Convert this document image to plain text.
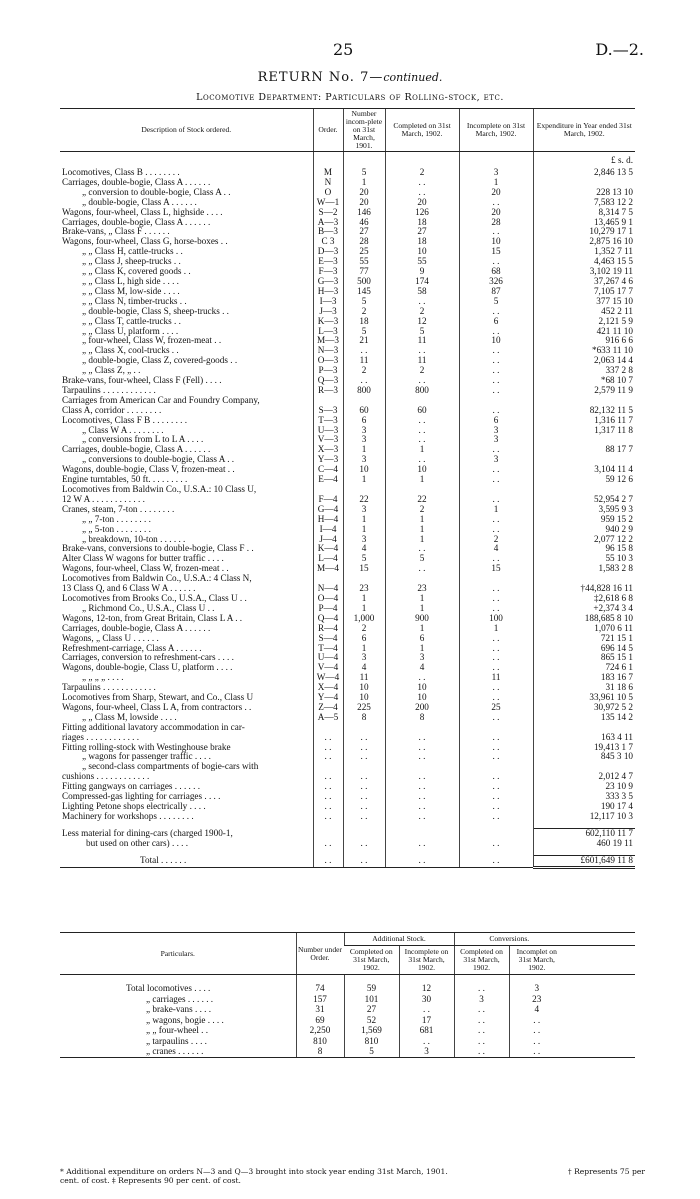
25	D.—2.
RETURN No. 7—continued.
Locomotive Department: Particulars of Rolling-stock, etc.
Description of Stock ordered.	Order.	Number incom-plete on 31st March, 1901.	Completed on 31st March, 1902.	Incomplete on 31st March, 1902.	Expenditure in Year ended 31st March, 1902.
					£ s. d.
Locomotives, Class B . . . . . . . .	M	5	2	3	2,846 13 5
Carriages, double-bogie, Class A . . . . . .	N	1	. .	1	
„ conversion to double-bogie, Class A . .	O	20	. .	20	228 13 10
„ double-bogie, Class A . . . . . .	W—1	20	20	. .	7,583 12 2
Wagons, four-wheel, Class L, highside . . . .	S—2	146	126	20	8,314 7 5
Carriages, double-bogie, Class A . . . . . .	A—3	46	18	28	13,465 9 1
Brake-vans, „ Class F . . . . . .	B—3	27	27	. .	10,279 17 1
Wagons, four-wheel, Class G, horse-boxes . .	C 3	28	18	10	2,875 16 10
„ „ Class H, cattle-trucks . .	D—3	25	10	15	1,352 7 11
„ „ Class J, sheep-trucks . .	E—3	55	55	. .	4,463 15 5
„ „ Class K, covered goods . .	F—3	77	9	68	3,102 19 11
„ „ Class L, high side . . . .	G—3	500	174	326	37,267 4 6
„ „ Class M, low-side . . . .	H—3	145	58	87	7,105 17 7
„ „ Class N, timber-trucks . .	I—3	5	. .	5	377 15 10
„ double-bogie, Class S, sheep-trucks . .	J—3	2	2	. .	452 2 11
„ „ Class T, cattle-trucks . .	K—3	18	12	6	2,121 5 9
„ „ Class U, platform . . . .	L—3	5	5	. .	421 11 10
„ four-wheel, Class W, frozen-meat . .	M—3	21	11	10	916 6 6
„ „ Class X, cool-trucks . .	N—3	. .	. .	. .	*633 11 10
„ double-bogie, Class Z, covered-goods . .	O—3	11	11	. .	2,063 14 4
„ „ Class Z, „ . .	P—3	2	2	. .	337 2 8
Brake-vans, four-wheel, Class F (Fell) . . . .	Q—3	. .	. .	. .	*68 10 7
Tarpaulins . . . . . . . . . . . .	R—3	800	800	. .	2,579 11 9
Carriages from American Car and Foundry Company,					
Class A, corridor . . . . . . . .	S—3	60	60	. .	82,132 11 5
Locomotives, Class F B . . . . . . . .	T—3	6	. .	6	1,316 11 7
„ Class W A . . . . . . . .	U—3	3	. .	3	1,317 11 8
„ conversions from L to L A . . . .	V—3	3	. .	3	
Carriages, double-bogie, Class A . . . . . .	X—3	1	1	. .	88 17 7
„ conversions to double-bogie, Class A . .	Y—3	3	. .	3	
Wagons, double-bogie, Class V, frozen-meat . .	C—4	10	10	. .	3,104 11 4
Engine turntables, 50 ft. . . . . . . . .	E—4	1	1	. .	59 12 6
Locomotives from Baldwin Co., U.S.A.: 10 Class U,					
12 W A . . . . . . . . . . . .	F—4	22	22	. .	52,954 2 7
Cranes, steam, 7-ton . . . . . . . .	G—4	3	2	1	3,595 9 3
„ „ 7-ton . . . . . . . .	H—4	1	1	. .	959 15 2
„ „ 5-ton . . . . . . . .	I—4	1	1	. .	940 2 9
„ breakdown, 10-ton . . . . . .	J—4	3	1	2	2,077 12 2
Brake-vans, conversions to double-bogie, Class F . .	K—4	4	. .	4	96 15 8
Alter Class W wagons for butter traffic . . . .	L—4	5	5	. .	55 10 3
Wagons, four-wheel, Class W, frozen-meat . .	M—4	15	. .	15	1,583 2 8
Locomotives from Baldwin Co., U.S.A.: 4 Class N,					
13 Class Q, and 6 Class W A . . . . . .	N—4	23	23	. .	†44,828 16 11
Locomotives from Brooks Co., U.S.A., Class U . .	O—4	1	1	. .	‡2,618 6 8
„ Richmond Co., U.S.A., Class U . .	P—4	1	1	. .	+2,374 3 4
Wagons, 12-ton, from Great Britain, Class L A . .	Q—4	1,000	900	100	188,685 8 10
Carriages, double-bogie, Class A . . . . . .	R—4	2	1	1	1,070 6 11
Wagons, „ Class U . . . . . .	S—4	6	6	. .	721 15 1
Refreshment-carriage, Class A . . . . . .	T—4	1	1	. .	696 14 5
Carriages, conversion to refreshment-cars . . . .	U—4	3	3	. .	865 15 1
Wagons, double-bogie, Class U, platform . . . .	V—4	4	4	. .	724 6 1
„ „ „ „ . . . .	W—4	11	. .	11	183 16 7
Tarpaulins . . . . . . . . . . . .	X—4	10	10	. .	31 18 6
Locomotives from Sharp, Stewart, and Co., Class U	Y—4	10	10	. .	33,961 10 5
Wagons, four-wheel, Class L A, from contractors . .	Z—4	225	200	25	30,972 5 2
„ „ Class M, lowside . . . .	A—5	8	8	. .	135 14 2
Fitting additional lavatory accommodation in car-					
riages . . . . . . . . . . . .	. .	. .	. .	. .	163 4 11
Fitting rolling-stock with Westinghouse brake	. .	. .	. .	. .	19,413 1 7
„ wagons for passenger traffic . . . .	. .	. .	. .	. .	845 3 10
„ second-class compartments of bogie-cars with					
cushions . . . . . . . . . . . .	. .	. .	. .	. .	2,012 4 7
Fitting gangways on carriages . . . . . .	. .	. .	. .	. .	23 10 9
Compressed-gas lighting for carriages . . . .	. .	. .	. .	. .	333 3 5
Lighting Petone shops electrically . . . .	. .	. .	. .	. .	190 17 4
Machinery for workshops . . . . . . . .	. .	. .	. .	. .	12,117 10 3

Less material for dining-cars (charged 1900-1,					602,110 11 7
but used on other cars) . . . .	. .	. .	. .	. .	460 19 11

Total . . . . . .	. .	. .	. .	. .	£601,649 11 8
Particulars.	Number under Order.	Additional Stock.		Conversions.		
		Completed on 31st March, 1902.	Incomplete on 31st March, 1902.	Completed on 31st March, 1902.	Incomplet on 31st March, 1902.	
Total locomotives . . . .	74	59	12	. .	3	
„ carriages . . . . . .	157	101	30	3	23	
„ brake-vans . . . .	31	27	. .	. .	4	
„ wagons, bogie . . . .	69	52	17	. .	. .	
„ „ four-wheel . .	2,250	1,569	681	. .	. .	
„ tarpaulins . . . .	810	810	. .	. .	. .	
„ cranes . . . . . .	8	5	3	. .	. .	
* Additional expenditure on orders N—3 and Q—3 brought into stock year ending 31st March, 1901.	† Represents 75 per
cent. of cost. ‡ Represents 90 per cent. of cost.
